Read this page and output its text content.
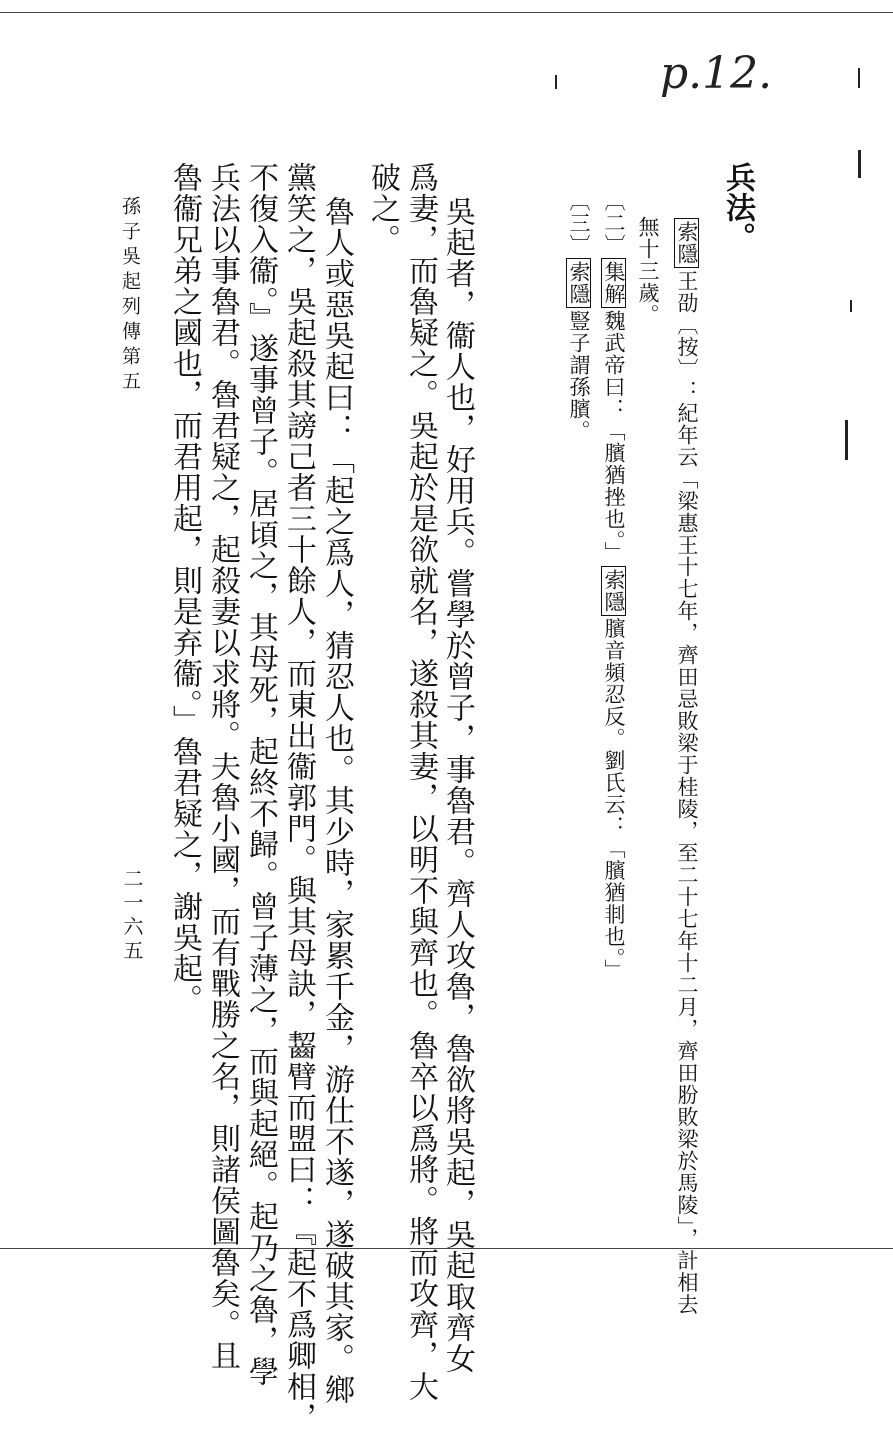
p.12.
兵法。
索隱王劭〔按〕：紀年云「梁惠王十七年，齊田忌敗梁于桂陵，至二十七年十二月，齊田肦敗梁於馬陵」，計相去
無十三歲。
〔二〕集解魏武帝曰：「臏猶挫也。」索隱臏音頻忍反。劉氏云：「臏猶剕也。」
〔三〕索隱豎子謂孫臏。
吳起者，衞人也，好用兵。嘗學於曾子，事魯君。齊人攻魯，魯欲將吳起，吳起取齊女
爲妻，而魯疑之。吳起於是欲就名，遂殺其妻，以明不與齊也。魯卒以爲將。將而攻齊，大
破之。
魯人或惡吳起曰：「起之爲人，猜忍人也。其少時，家累千金，游仕不遂，遂破其家。鄉
黨笑之，吳起殺其謗己者三十餘人，而東出衞郭門。與其母訣，齧臂而盟曰：『起不爲卿相，
不復入衞。』遂事曾子。居頃之，其母死，起終不歸。曾子薄之，而與起絕。起乃之魯，學
兵法以事魯君。魯君疑之，起殺妻以求將。夫魯小國，而有戰勝之名，則諸侯圖魯矣。且
魯衞兄弟之國也，而君用起，則是弃衞。」魯君疑之，謝吳起。
孫子吳起列傳第五
二一六五
